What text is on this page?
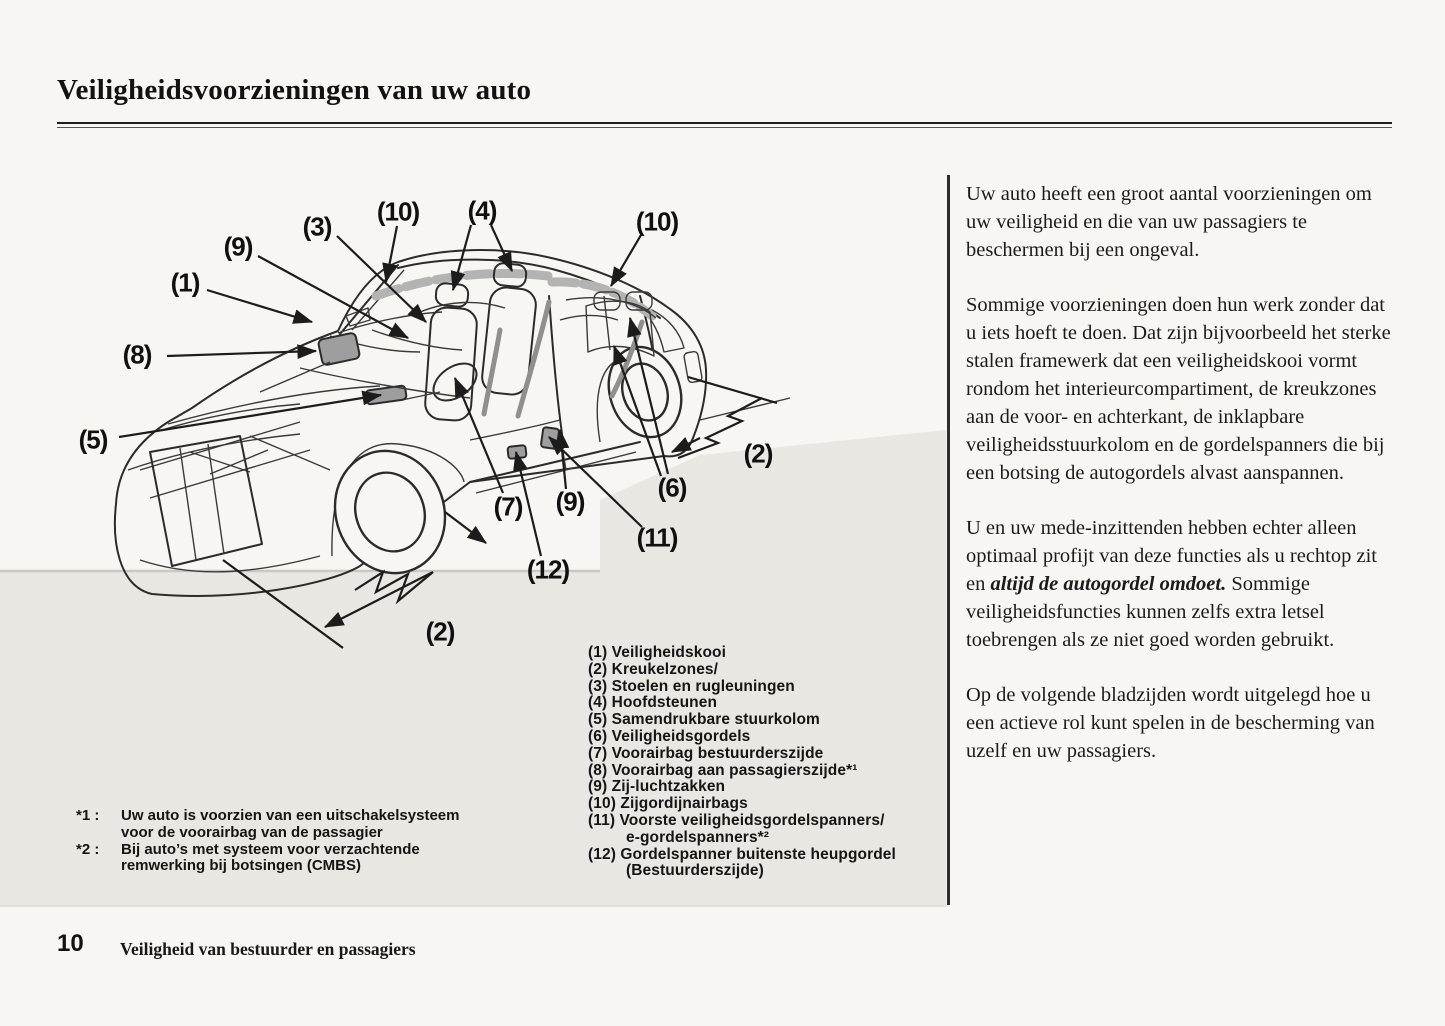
(1)
(9)
(3) (10) (4)	(10)
(8)
(5)	(2)
(7) (9)	(6)
(11)
(12)
(2)
Veiligheidsvoorzieningen van uw auto
(1) Veiligheidskooi
(2) Kreukelzones/
(3) Stoelen en rugleuningen
(4) Hoofdsteunen
(5) Samendrukbare stuurkolom
(6) Veiligheidsgordels
(7) Voorairbag bestuurderszijde
(8) Voorairbag aan passagierszijde*¹
(9) Zij-luchtzakken
(10) Zijgordijnairbags
(11) Voorste veiligheidsgordelspanners/
e-gordelspanners*²
(12) Gordelspanner buitenste heupgordel
(Bestuurderszijde)
*1 :	Uw auto is voorzien van een uitschakelsysteem
voor de voorairbag van de passagier
*2 :	Bij auto’s met systeem voor verzachtende
remwerking bij botsingen (CMBS)

Uw auto heeft een groot aantal voorzieningen om uw veiligheid en die van uw passagiers te beschermen bij een ongeval.

Sommige voorzieningen doen hun werk zonder dat u iets hoeft te doen. Dat zijn bijvoorbeeld het sterke stalen framewerk dat een veiligheidskooi vormt rondom het interieurcompartiment, de kreukzones aan de voor- en achterkant, de inklapbare veiligheidsstuurkolom en de gordelspanners die bij een botsing de autogordels alvast aanspannen.

U en uw mede-inzittenden hebben echter alleen optimaal profijt van deze functies als u rechtop zit en altijd de autogordel omdoet. Sommige veiligheidsfuncties kunnen zelfs extra letsel toebrengen als ze niet goed worden gebruikt.

Op de volgende bladzijden wordt uitgelegd hoe u een actieve rol kunt spelen in de bescherming van uzelf en uw passagiers.

10 Veiligheid van bestuurder en passagiers
